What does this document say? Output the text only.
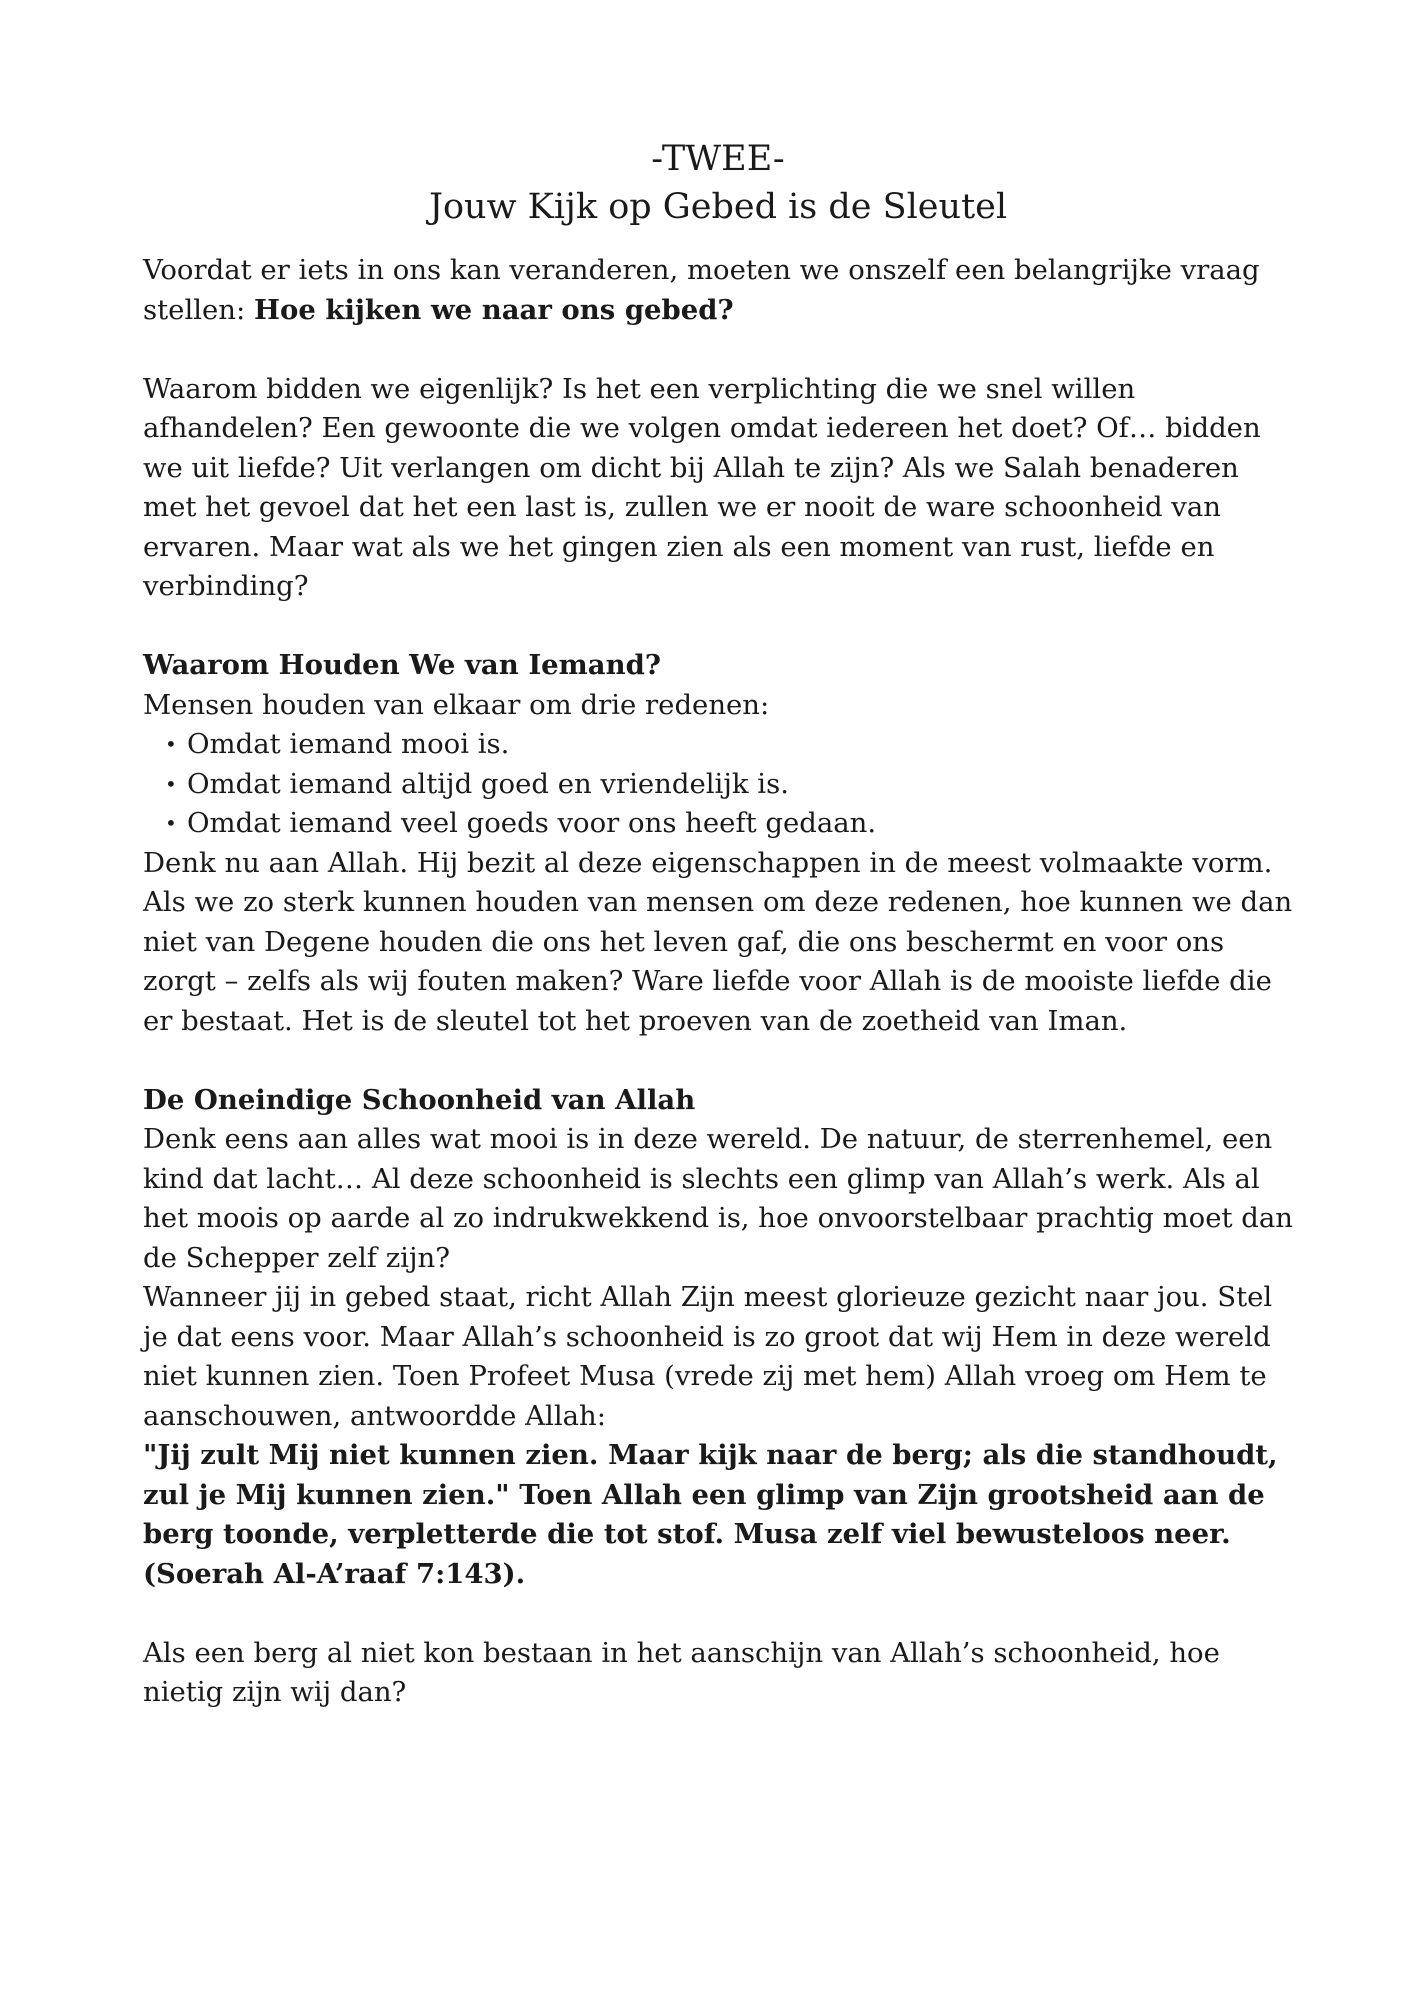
-TWEE-
Jouw Kijk op Gebed is de Sleutel

Voordat er iets in ons kan veranderen, moeten we onszelf een belangrijke vraag stellen: Hoe kijken we naar ons gebed?

Waarom bidden we eigenlijk? Is het een verplichting die we snel willen afhandelen? Een gewoonte die we volgen omdat iedereen het doet? Of… bidden we uit liefde? Uit verlangen om dicht bij Allah te zijn? Als we Salah benaderen met het gevoel dat het een last is, zullen we er nooit de ware schoonheid van ervaren. Maar wat als we het gingen zien als een moment van rust, liefde en verbinding?

Waarom Houden We van Iemand?

Mensen houden van elkaar om drie redenen:

• Omdat iemand mooi is.
• Omdat iemand altijd goed en vriendelijk is.
• Omdat iemand veel goeds voor ons heeft gedaan.

Denk nu aan Allah. Hij bezit al deze eigenschappen in de meest volmaakte vorm. Als we zo sterk kunnen houden van mensen om deze redenen, hoe kunnen we dan niet van Degene houden die ons het leven gaf, die ons beschermt en voor ons zorgt – zelfs als wij fouten maken? Ware liefde voor Allah is de mooiste liefde die er bestaat. Het is de sleutel tot het proeven van de zoetheid van Iman.

De Oneindige Schoonheid van Allah

Denk eens aan alles wat mooi is in deze wereld. De natuur, de sterrenhemel, een kind dat lacht… Al deze schoonheid is slechts een glimp van Allah’s werk. Als al het moois op aarde al zo indrukwekkend is, hoe onvoorstelbaar prachtig moet dan de Schepper zelf zijn?

Wanneer jij in gebed staat, richt Allah Zijn meest glorieuze gezicht naar jou. Stel je dat eens voor. Maar Allah’s schoonheid is zo groot dat wij Hem in deze wereld niet kunnen zien. Toen Profeet Musa (vrede zij met hem) Allah vroeg om Hem te aanschouwen, antwoordde Allah:

"Jij zult Mij niet kunnen zien. Maar kijk naar de berg; als die standhoudt, zul je Mij kunnen zien." Toen Allah een glimp van Zijn grootsheid aan de berg toonde, verpletterde die tot stof. Musa zelf viel bewusteloos neer. (Soerah Al-A’raaf 7:143).

Als een berg al niet kon bestaan in het aanschijn van Allah’s schoonheid, hoe nietig zijn wij dan?
